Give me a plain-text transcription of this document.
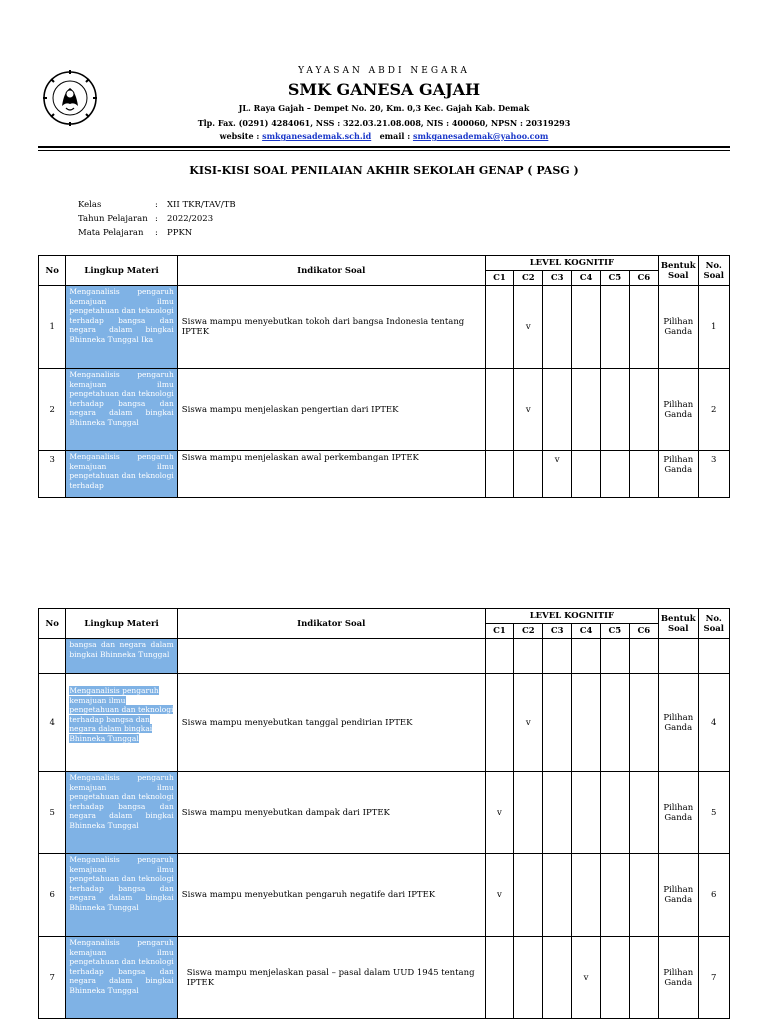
YAYASAN ABDI NEGARA
SMK GANESA GAJAH
JL. Raya Gajah – Dempet No. 20, Km. 0,3 Kec. Gajah Kab. Demak
Tlp. Fax. (0291) 4284061, NSS : 322.03.21.08.008, NIS : 400060, NPSN : 20319293
website : smkganesademak.sch.id email : smkganesademak@yahoo.com
KISI-KISI SOAL PENILAIAN AKHIR SEKOLAH GENAP ( PASG )
Kelas	: XII TKR/TAV/TB
Tahun Pelajaran : 2022/2023
Mata Pelajaran : PPKN
No	Lingkup Materi	Indikator Soal	LEVEL KOGNITIF						Bentuk
Soal	No.
Soal
			C1	C2	C3	C4	C5	C6		
1	Menganalisis pengaruh kemajuan ilmu pengetahuan dan teknologi terhadap bangsa dan negara dalam bingkai Bhinneka Tunggal Ika	Siswa mampu menyebutkan tokoh dari bangsa Indonesia tentang IPTEK		v					Pilihan Ganda	1
2	Menganalisis pengaruh kemajuan ilmu pengetahuan dan teknologi terhadap bangsa dan negara dalam bingkai Bhinneka Tunggal	Siswa mampu menjelaskan pengertian dari IPTEK		v					Pilihan Ganda	2
3	Menganalisis pengaruh kemajuan ilmu pengetahuan dan teknologi terhadap	Siswa mampu menjelaskan awal perkembangan IPTEK			v				Pilihan Ganda	3
No	Lingkup Materi	Indikator Soal	LEVEL KOGNITIF						Bentuk
Soal	No.
Soal
			C1	C2	C3	C4	C5	C6		
	bangsa dan negara dalam bingkai Bhinneka Tunggal									
4	Menganalisis pengaruh kemajuan ilmu pengetahuan dan teknologi terhadap bangsa dan negara dalam bingkai Bhinneka Tunggal	Siswa mampu menyebutkan tanggal pendirian IPTEK		v					Pilihan Ganda	4
5	Menganalisis pengaruh kemajuan ilmu pengetahuan dan teknologi terhadap bangsa dan negara dalam bingkai Bhinneka Tunggal	Siswa mampu menyebutkan dampak dari IPTEK	v						Pilihan Ganda	5
6	Menganalisis pengaruh kemajuan ilmu pengetahuan dan teknologi terhadap bangsa dan negara dalam bingkai Bhinneka Tunggal	Siswa mampu menyebutkan pengaruh negatife dari IPTEK	v						Pilihan Ganda	6
7	Menganalisis pengaruh kemajuan ilmu pengetahuan dan teknologi terhadap bangsa dan negara dalam bingkai Bhinneka Tunggal	Siswa mampu menjelaskan pasal – pasal dalam UUD 1945 tentang IPTEK				v			Pilihan Ganda	7
